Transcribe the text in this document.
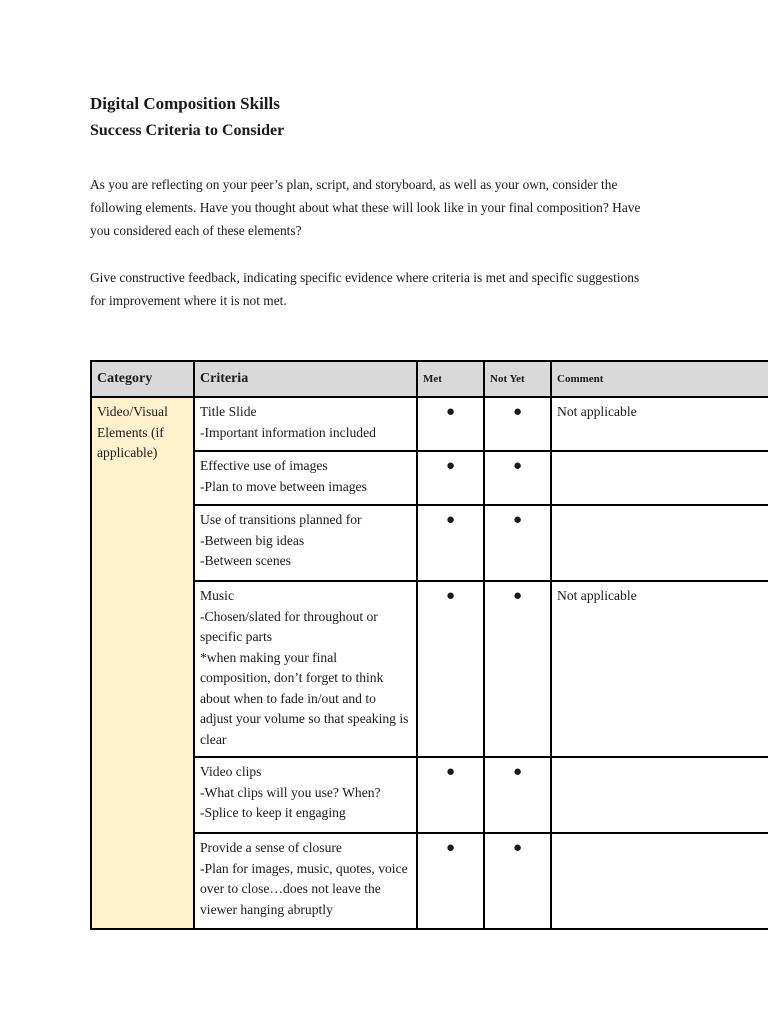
Digital Composition Skills
Success Criteria to Consider

As you are reflecting on your peer’s plan, script, and storyboard, as well as your own, consider the
following elements. Have you thought about what these will look like in your final composition? Have
you considered each of these elements?

Give constructive feedback, indicating specific evidence where criteria is met and specific suggestions
for improvement where it is not met.

Category	Criteria	Met	Not Yet	Comment
Video/Visual Elements (if applicable)	Title Slide
-Important information included	●	●	Not applicable

	Effective use of images
-Plan to move between images	●	●	

	Use of transitions planned for
-Between big ideas
-Between scenes	●	●	

	Music
-Chosen/slated for throughout or specific parts
*when making your final composition, don’t forget to think about when to fade in/out and to adjust your volume so that speaking is clear	●	●	Not applicable

	Video clips
-What clips will you use? When?
-Splice to keep it engaging	●	●	

	Provide a sense of closure
-Plan for images, music, quotes, voice over to close…does not leave the viewer hanging abruptly	●	●	
